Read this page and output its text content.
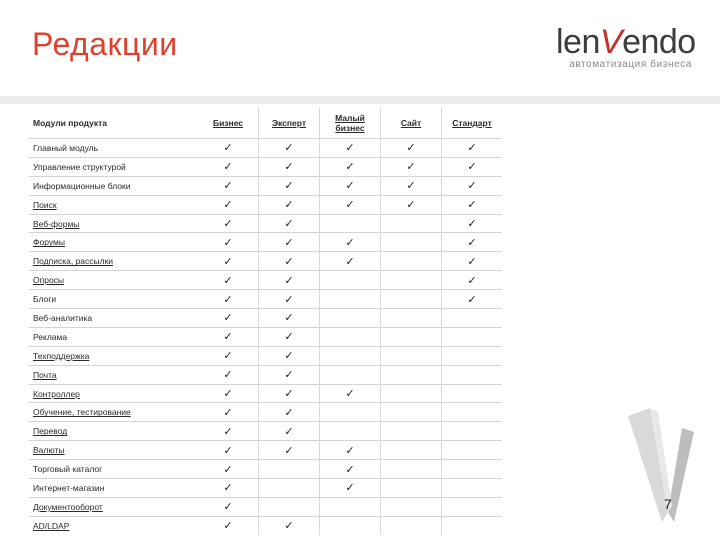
Редакции	lenVendo
автоматизация бизнеса
Модули продукта	Бизнес	Эксперт	Малый бизнес	Сайт	Стандарт
Главный модуль	✓	✓	✓	✓	✓
Управление структурой	✓	✓	✓	✓	✓
Информационные блоки	✓	✓	✓	✓	✓
Поиск	✓	✓	✓	✓	✓
Веб-формы	✓	✓			✓
Форумы	✓	✓	✓		✓
Подписка, рассылки	✓	✓	✓		✓
Опросы	✓	✓			✓
Блоги	✓	✓			✓
Веб-аналитика	✓	✓			
Реклама	✓	✓			
Техподдержка	✓	✓			
Почта	✓	✓			
Контроллер	✓	✓	✓		
Обучение, тестирование	✓	✓			
Перевод	✓	✓			
Валюты	✓	✓	✓		
Торговый каталог	✓		✓		
Интернет-магазин	✓		✓		
Документооборот	✓				
AD/LDAP	✓	✓			
7
